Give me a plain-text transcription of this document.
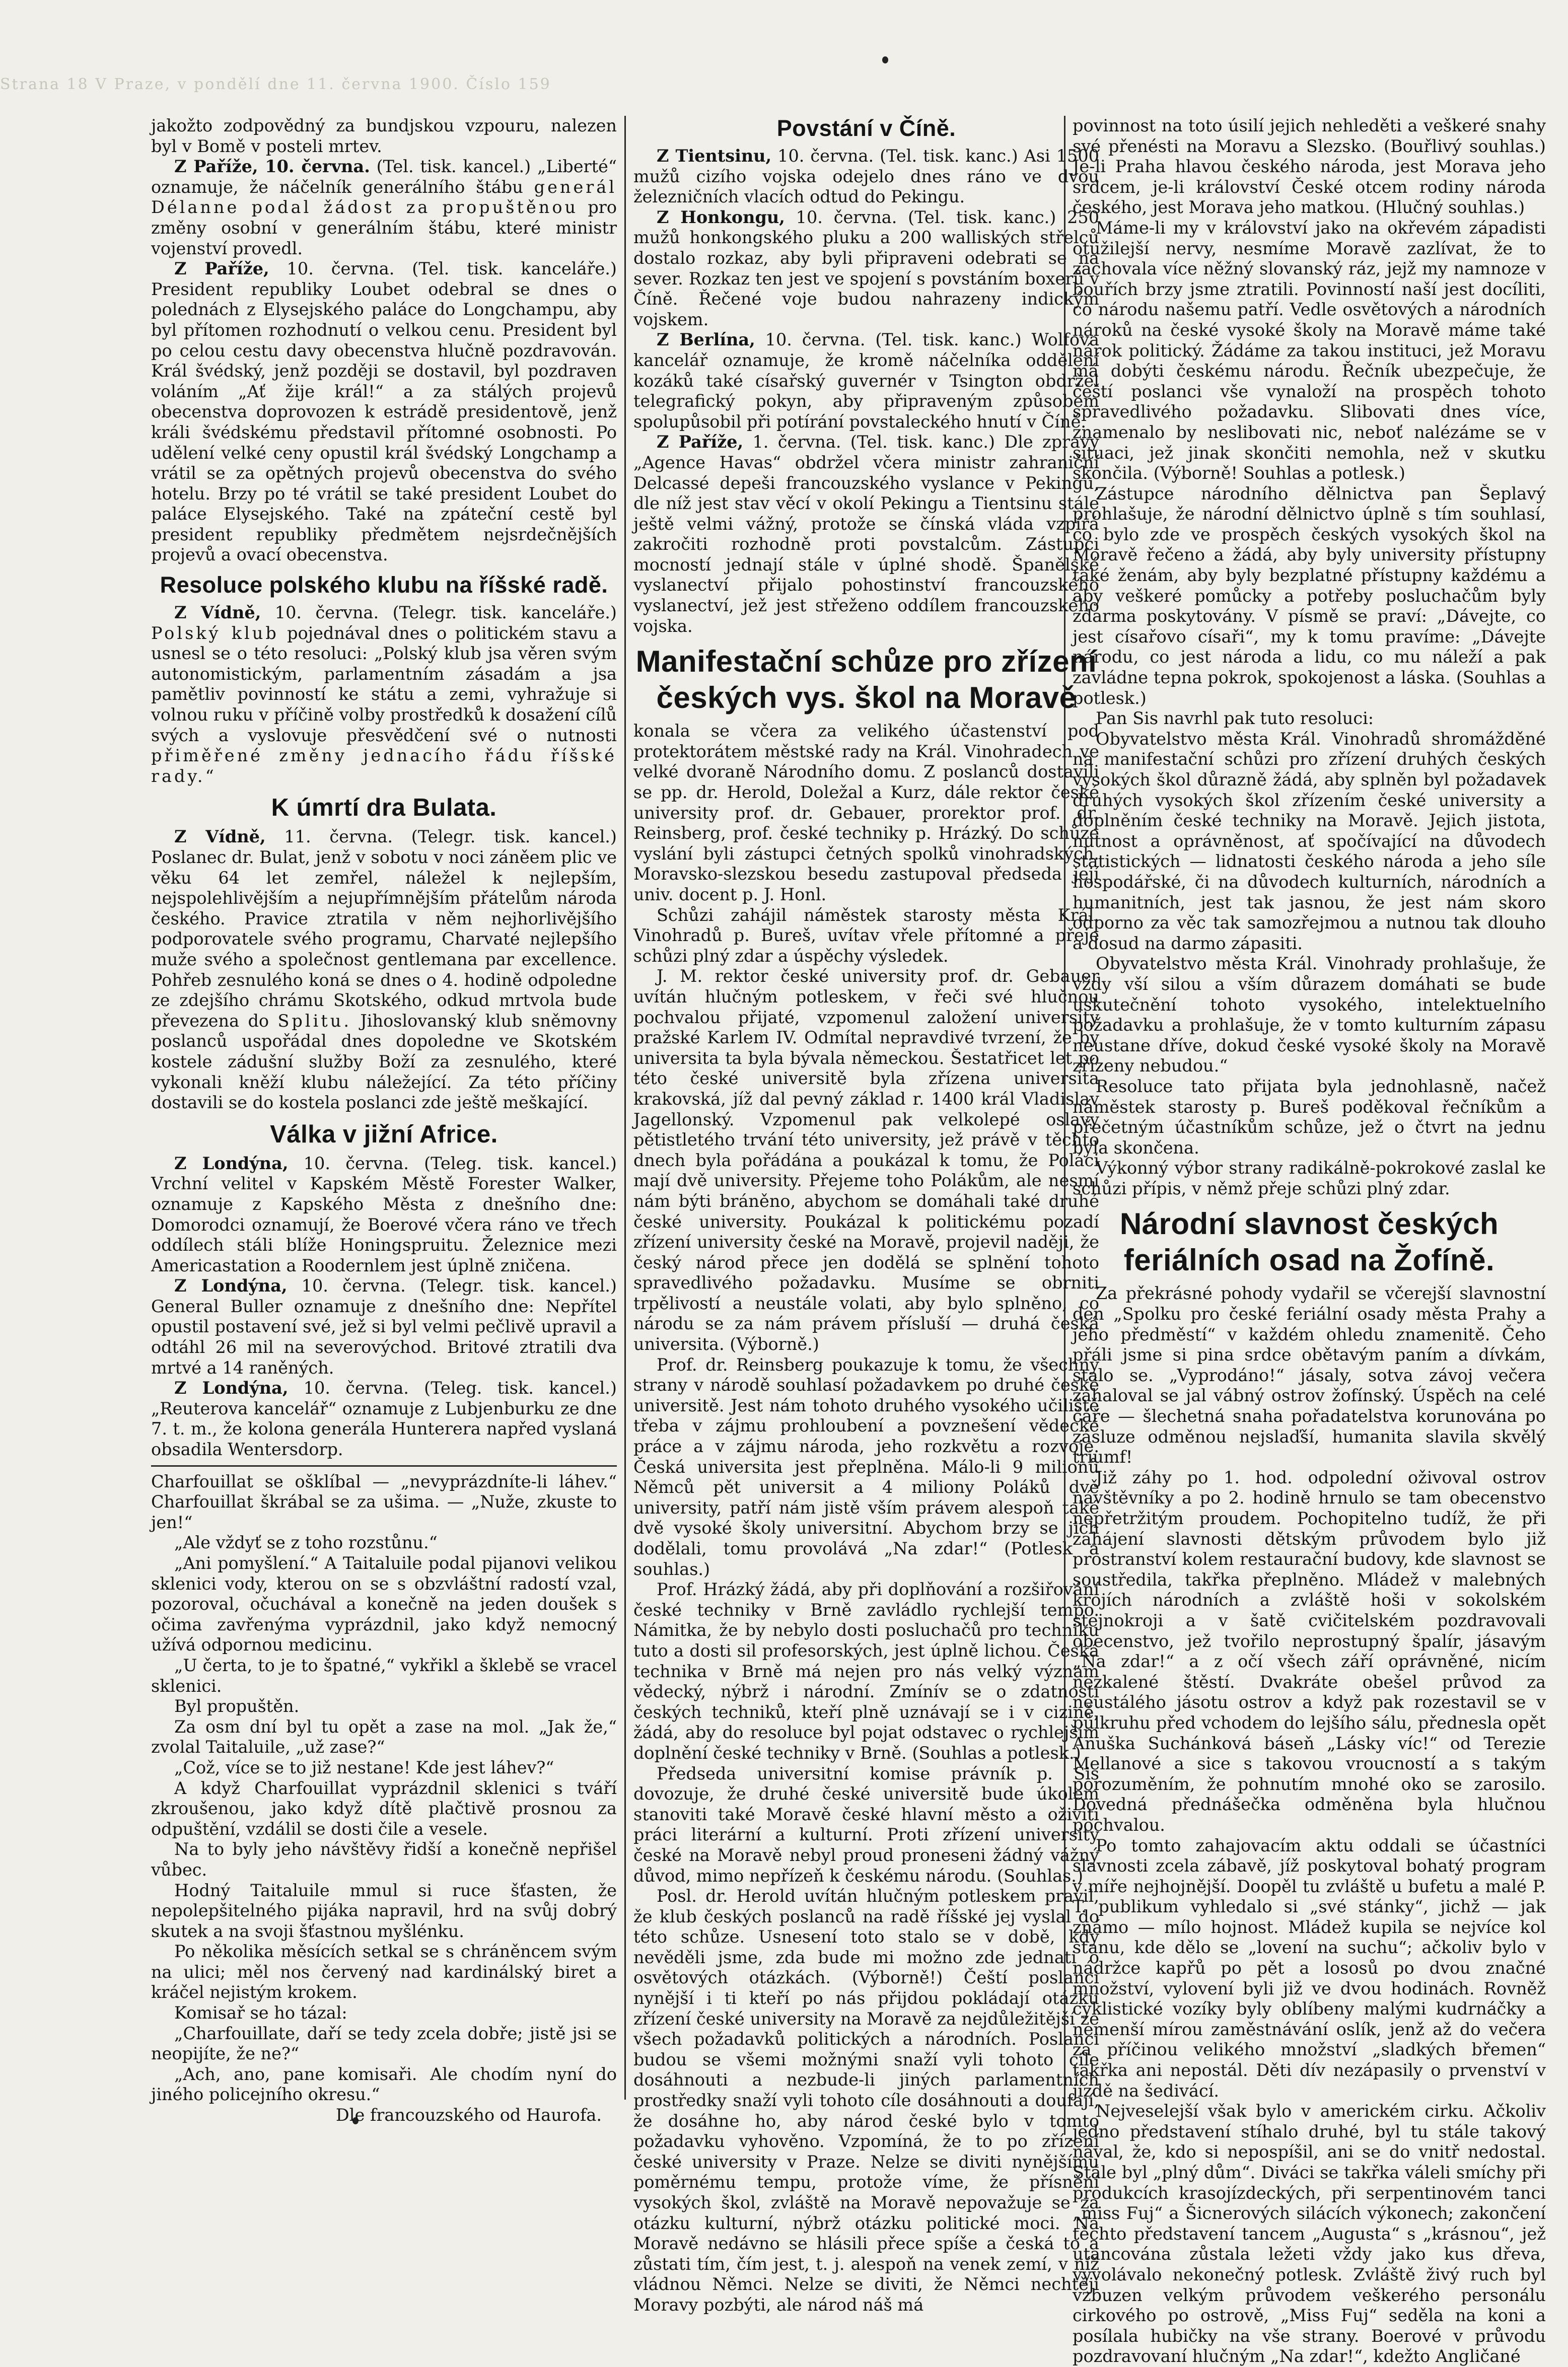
Strana 18 V Praze, v pondělí dne 11. června 1900. Číslo 159

jakožto zodpovědný za bundjskou vzpouru, nalezen byl v Bomě v posteli mrtev.

Z Paříže, 10. června. (Tel. tisk. kancel.) „Liberté“ oznamuje, že náčelník generálního štábu generál Délanne podal žádost za propuštěnou pro změny osobní v generálním štábu, které ministr vojenství provedl.

Z Paříže, 10. června. (Tel. tisk. kanceláře.) President republiky Loubet odebral se dnes o polednách z Elysejského paláce do Longchampu, aby byl přítomen rozhodnutí o velkou cenu. President byl po celou cestu davy obecenstva hlučně pozdravován. Král švédský, jenž později se dostavil, byl pozdraven voláním „Ať žije král!“ a za stálých projevů obecenstva doprovozen k estrádě presidentově, jenž králi švédskému představil přítomné osobnosti. Po udělení velké ceny opustil král švédský Longchamp a vrátil se za opětných projevů obecenstva do svého hotelu. Brzy po té vrátil se také president Loubet do paláce Elysejského. Také na zpáteční cestě byl president republiky předmětem nejsrdečnějších projevů a ovací obecenstva.

Resoluce polského klubu na říšské radě.

Z Vídně, 10. června. (Telegr. tisk. kanceláře.) Polský klub pojednával dnes o politickém stavu a usnesl se o této resoluci: „Polský klub jsa věren svým autonomistickým, parlamentním zásadám a jsa pamětliv povinností ke státu a zemi, vyhražuje si volnou ruku v příčině volby prostředků k dosažení cílů svých a vyslovuje přesvědčení své o nutnosti přiměřené změny jednacího řádu říšské rady.“

K úmrtí dra Bulata.

Z Vídně, 11. června. (Telegr. tisk. kancel.) Poslanec dr. Bulat, jenž v sobotu v noci záněem plic ve věku 64 let zemřel, náležel k nejlepším, nejspolehlivějším a nejupřímnějším přátelům národa českého. Pravice ztratila v něm nejhorlivějšího podporovatele svého programu, Charvaté nejlepšího muže svého a společnost gentlemana par excellence. Pohřeb zesnulého koná se dnes o 4. hodině odpoledne ze zdejšího chrámu Skotského, odkud mrtvola bude převezena do Splitu. Jihoslovanský klub sněmovny poslanců uspořádal dnes dopoledne ve Skotském kostele zádušní služby Boží za zesnulého, které vykonali kněží klubu náležející. Za této příčiny dostavili se do kostela poslanci zde ještě meškající.

Válka v jižní Africe.

Z Londýna, 10. června. (Teleg. tisk. kancel.) Vrchní velitel v Kapském Městě Forester Walker, oznamuje z Kapského Města z dnešního dne: Domorodci oznamují, že Boerové včera ráno ve třech oddílech stáli blíže Honingspruitu. Železnice mezi Americastation a Roodernlem jest úplně zničena.

Z Londýna, 10. června. (Telegr. tisk. kancel.) General Buller oznamuje z dnešního dne: Nepřítel opustil postavení své, jež si byl velmi pečlivě upravil a odtáhl 26 mil na severovýchod. Britové ztratili dva mrtvé a 14 raněných.

Z Londýna, 10. června. (Teleg. tisk. kancel.) „Reuterova kancelář“ oznamuje z Lubjenburku ze dne 7. t. m., že kolona generála Hunterera napřed vyslaná obsadila Wentersdorp.

Charfouillat se ošklíbal — „nevyprázdníte-li láhev.“ Charfouillat škrábal se za ušima. — „Nuže, zkuste to jen!“

„Ale vždyť se z toho rozstůnu.“

„Ani pomyšlení.“ A Taitaluile podal pijanovi velikou sklenici vody, kterou on se s obzvláštní radostí vzal, pozoroval, očuchával a konečně na jeden doušek s očima zavřenýma vyprázdnil, jako když nemocný užívá odpornou medicinu.

„U čerta, to je to špatné,“ vykřikl a šklebě se vracel sklenici.

Byl propuštěn.

Za osm dní byl tu opět a zase na mol. „Jak že,“ zvolal Taitaluile, „už zase?“

„Což, více se to již nestane! Kde jest láhev?“

A když Charfouillat vyprázdnil sklenici s tváří zkroušenou, jako když dítě plačtivě prosnou za odpuštění, vzdálil se dosti čile a vesele.

Na to byly jeho návštěvy řidší a konečně nepřišel vůbec.

Hodný Taitaluile mmul si ruce šťasten, že nepolepšitelného pijáka napravil, hrd na svůj dobrý skutek a na svoji šťastnou myšlénku.

Po několika měsících setkal se s chráněncem svým na ulici; měl nos červený nad kardinálský biret a kráčel nejistým krokem.

Komisař se ho tázal:

„Charfouillate, daří se tedy zcela dobře; jistě jsi se neopijíte, že ne?“

„Ach, ano, pane komisaři. Ale chodím nyní do jiného policejního okresu.“

Dle francouzského od Haurofa.

Povstání v Číně.

Z Tientsinu, 10. června. (Tel. tisk. kanc.) Asi 1500 mužů cizího vojska odejelo dnes ráno ve dvou železničních vlacích odtud do Pekingu.

Z Honkongu, 10. června. (Tel. tisk. kanc.) 250 mužů honkongského pluku a 200 walliských střelců dostalo rozkaz, aby byli připraveni odebrati se na sever. Rozkaz ten jest ve spojení s povstáním boxerů v Číně. Řečené voje budou nahrazeny indickým vojskem.

Z Berlína, 10. června. (Tel. tisk. kanc.) Wolfova kancelář oznamuje, že kromě náčelníka oddělení kozáků také císařský guvernér v Tsington obdržel telegrafický pokyn, aby připraveným způsobem spolupůsobil při potírání povstaleckého hnutí v Číně.

Z Paříže, 1. června. (Tel. tisk. kanc.) Dle zprávy „Agence Havas“ obdržel včera ministr zahraniční Delcassé depeši francouzského vyslance v Pekingu, dle níž jest stav věcí v okolí Pekingu a Tientsinu stále ještě velmi vážný, protože se čínská vláda vzpírá zakročiti rozhodně proti povstalcům. Zástupci mocností jednají stále v úplné shodě. Španělské vyslanectví přijalo pohostinství francouzského vyslanectví, jež jest střeženo oddílem francouzského vojska.

Manifestační schůze pro zřízení českých vys. škol na Moravě

konala se včera za velikého účastenství pod protektorátem městské rady na Král. Vinohradech ve velké dvoraně Národního domu. Z poslanců dostavili se pp. dr. Herold, Doležal a Kurz, dále rektor české university prof. dr. Gebauer, prorektor prof. dr. Reinsberg, prof. české techniky p. Hrázký. Do schůze vyslání byli zástupci četných spolků vinohradských. Moravsko-slezskou besedu zastupoval předseda její univ. docent p. J. Honl.

Schůzi zahájil náměstek starosty města Král. Vinohradů p. Bureš, uvítav vřele přítomné a přeje schůzi plný zdar a úspěchy výsledek.

J. M. rektor české university prof. dr. Gebauer uvítán hlučným potleskem, v řeči své hlučnou pochvalou přijaté, vzpomenul založení university pražské Karlem IV. Odmítal nepravdivé tvrzení, že by universita ta byla bývala německou. Šestatřicet let po této české universitě byla zřízena universita krakovská, jíž dal pevný základ r. 1400 král Vladislav Jagellonský. Vzpomenul pak velkolepé oslavy pětistletého trvání této university, jež právě v těchto dnech byla pořádána a poukázal k tomu, že Poláci mají dvě university. Přejeme toho Polákům, ale nesmí nám býti bráněno, abychom se domáhali také druhé české university. Poukázal k politickému pozadí zřízení university české na Moravě, projevil naději, že český národ přece jen dodělá se splnění tohoto spravedlivého požadavku. Musíme se obrniti trpělivostí a neustále volati, aby bylo splněno, co národu se za nám právem přísluší — druhá česká universita. (Výborně.)

Prof. dr. Reinsberg poukazuje k tomu, že všechny strany v národě souhlasí požadavkem po druhé české universitě. Jest nám tohoto druhého vysokého učiliště třeba v zájmu prohloubení a povznešení vědecké práce a v zájmu národa, jeho rozkvětu a rozvoje. Česká universita jest přeplněna. Málo-li 9 milionů Němců pět universit a 4 miliony Poláků dvě university, patří nám jistě vším právem alespoň také dvě vysoké školy universitní. Abychom brzy se jich dodělali, tomu provolává „Na zdar!“ (Potlesk a souhlas.)

Prof. Hrázký žádá, aby při doplňování a rozšiřování české techniky v Brně zavládlo rychlejší tempo. Námitka, že by nebylo dosti posluchačů pro techniku tuto a dosti sil profesorských, jest úplně lichou. Česká technika v Brně má nejen pro nás velký význam vědecký, nýbrž i národní. Zmínív se o zdatnosti českých techniků, kteří plně uznávají se i v cizině, žádá, aby do resoluce byl pojat odstavec o rychlejším doplnění české techniky v Brně. (Souhlas a potlesk.)

Předseda universitní komise právník p. Sis dovozuje, že druhé české universitě bude úkolem stanoviti také Moravě české hlavní město a oživiti práci literární a kulturní. Proti zřízení university české na Moravě nebyl proud proneseni žádný vážný důvod, mimo nepřízeň k českému národu. (Souhlas.)

Posl. dr. Herold uvítán hlučným potleskem pravil, že klub českých poslanců na radě říšské jej vyslal do této schůze. Usnesení toto stalo se v době, kdy nevěděli jsme, zda bude mi možno zde jednati o osvětových otázkách. (Výborně!) Čeští poslanci nynější i ti kteří po nás přijdou pokládají otázku zřízení české university na Moravě za nejdůležitější ze všech požadavků politických a národních. Poslanci budou se všemi možnými snaží vyli tohoto cíle dosáhnouti a nezbude-li jiných parlamentních prostředky snaží vyli tohoto cíle dosáhnouti a doufají, že dosáhne ho, aby národ české bylo v tomto požadavku vyhověno. Vzpomíná, že to po zřízení české university v Praze. Nelze se diviti nynějšímu poměrnému tempu, protože víme, že přísnění vysokých škol, zvláště na Moravě nepovažuje se za otázku kulturní, nýbrž otázku politické moci. Na Moravě nedávno se hlásili přece spíše a česká to a zůstati tím, čím jest, t. j. alespoň na venek zemí, v níž vládnou Němci. Nelze se diviti, že Němci nechtějí Moravy pozbýti, ale národ náš má

povinnost na toto úsilí jejich nehleděti a veškeré snahy své přenésti na Moravu a Slezsko. (Bouřlivý souhlas.) Je-li Praha hlavou českého národa, jest Morava jeho srdcem, je-li království České otcem rodiny národa českého, jest Morava jeho matkou. (Hlučný souhlas.)

Máme-li my v království jako na okřevém západisti otužilejší nervy, nesmíme Moravě zazlívat, že to zachovala více něžný slovanský ráz, jejž my namnoze v bouřích brzy jsme ztratili. Povinností naší jest docíliti, co národu našemu patří. Vedle osvětových a národních nároků na české vysoké školy na Moravě máme také nárok politický. Žádáme za takou instituci, jež Moravu má dobýti českému národu. Řečník ubezpečuje, že čeští poslanci vše vynaloží na prospěch tohoto spravedlivého požadavku. Slibovati dnes více, znamenalo by neslibovati nic, neboť nalézáme se v situaci, jež jinak skončiti nemohla, než v skutku skončila. (Výborně! Souhlas a potlesk.)

Zástupce národního dělnictva pan Šeplavý prohlašuje, že národní dělnictvo úplně s tím souhlasí, co bylo zde ve prospěch českých vysokých škol na Moravě řečeno a žádá, aby byly university přístupny také ženám, aby byly bezplatné přístupny každému a aby veškeré pomůcky a potřeby posluchačům byly zdarma poskytovány. V písmě se praví: „Dávejte, co jest císařovo císaři“, my k tomu pravíme: „Dávejte národu, co jest národa a lidu, co mu náleží a pak zavládne tepna pokrok, spokojenost a láska. (Souhlas a potlesk.)

Pan Sis navrhl pak tuto resoluci:

Obyvatelstvo města Král. Vinohradů shromážděné na manifestační schůzi pro zřízení druhých českých vysokých škol důrazně žádá, aby splněn byl požadavek druhých vysokých škol zřízením české university a doplněním české techniky na Moravě. Jejich jistota, nutnost a oprávněnost, ať spočívající na důvodech statistických — lidnatosti českého národa a jeho síle hospodářské, či na důvodech kulturních, národních a humanitních, jest tak jasnou, že jest nám skoro odporno za věc tak samozřejmou a nutnou tak dlouho a dosud na darmo zápasiti.

Obyvatelstvo města Král. Vinohrady prohlašuje, že vždy vší silou a vším důrazem domáhati se bude uskutečnění tohoto vysokého, intelektuelního požadavku a prohlašuje, že v tomto kulturním zápasu neustane dříve, dokud české vysoké školy na Moravě zřízeny nebudou.“

Resoluce tato přijata byla jednohlasně, načež náměstek starosty p. Bureš poděkoval řečníkům a přečetným účastníkům schůze, jež o čtvrt na jednu byla skončena.

Výkonný výbor strany radikálně-pokrokové zaslal ke schůzi přípis, v němž přeje schůzi plný zdar.

Národní slavnost českých feriálních osad na Žofíně.

Za překrásné pohody vydařil se včerejší slavnostní den „Spolku pro české feriální osady města Prahy a jeho předměstí“ v každém ohledu znamenitě. Čeho přáli jsme si pina srdce obětavým paním a dívkám, stalo se. „Vyprodáno!“ jásaly, sotva závoj večera zahaloval se jal vábný ostrov žofínský. Úspěch na celé čáře — šlechetná snaha pořadatelstva korunována po zásluze odměnou nejslaďší, humanita slavila skvělý triumf!

Již záhy po 1. hod. odpolední oživoval ostrov návštěvníky a po 2. hodině hrnulo se tam obecenstvo nepřetržitým proudem. Pochopitelno tudíž, že při zahájení slavnosti dětským průvodem bylo již prostranství kolem restaurační budovy, kde slavnost se soustředila, takřka přeplněno. Mládež v malebných krojích národních a zvláště hoši v sokolském stejnokroji a v šatě cvičitelském pozdravovali obecenstvo, jež tvořilo neprostupný špalír, jásavým „Na zdar!“ a z očí všech září oprávněné, nicím nezkalené štěstí. Dvakráte obešel průvod za neustálého jásotu ostrov a když pak rozestavil se v půlkruhu před vchodem do lejšího sálu, přednesla opět Anuška Suchánková báseň „Lásky víc!“ od Terezie Mellanové a sice s takovou vroucností a s takým porozuměním, že pohnutím mnohé oko se zarosilo. Dovedná přednášečka odměněna byla hlučnou pochvalou.

Po tomto zahajovacím aktu oddali se účastníci slavnosti zcela zábavě, jíž poskytoval bohatý program v míře nejhojnější. Doopěl tu zvláště u bufetu a malé P. T. publikum vyhledalo si „své stánky“, jichž — jak známo — mílo hojnost. Mládež kupila se nejvíce kol stanu, kde dělo se „lovení na suchu“; ačkoliv bylo v nádržce kapřů po pět a lososů po dvou značné množství, vylovení byli již ve dvou hodinách. Rovněž cyklistické vozíky byly oblíbeny malými kudrnáčky a nemenší mírou zaměstnávání oslík, jenž až do večera za příčinou velikého množství „sladkých břemen“ takřka ani nepostál. Děti dív nezápasily o prvenství v jízdě na šedivácí.

Nejveselejší však bylo v americkém cirku. Ačkoliv jedno představení stíhalo druhé, byl tu stále takový nával, že, kdo si nepospíšil, ani se do vnitř nedostal. Stále byl „plný dům“. Diváci se takřka váleli smíchy při produkcích krasojízdeckých, při serpentinovém tanci „miss Fuj“ a Šicnerových silácích výkonech; zakončení těchto představení tancem „Augusta“ s „krásnou“, jež utancována zůstala ležeti vždy jako kus dřeva, vyvolávalo nekonečný potlesk. Zvláště živý ruch byl vzbuzen velkým průvodem veškerého personálu cirkového po ostrově, „Miss Fuj“ seděla na koni a posílala hubičky na vše strany. Boerové v průvodu pozdravovaní hlučným „Na zdar!“, kdežto Angličané
